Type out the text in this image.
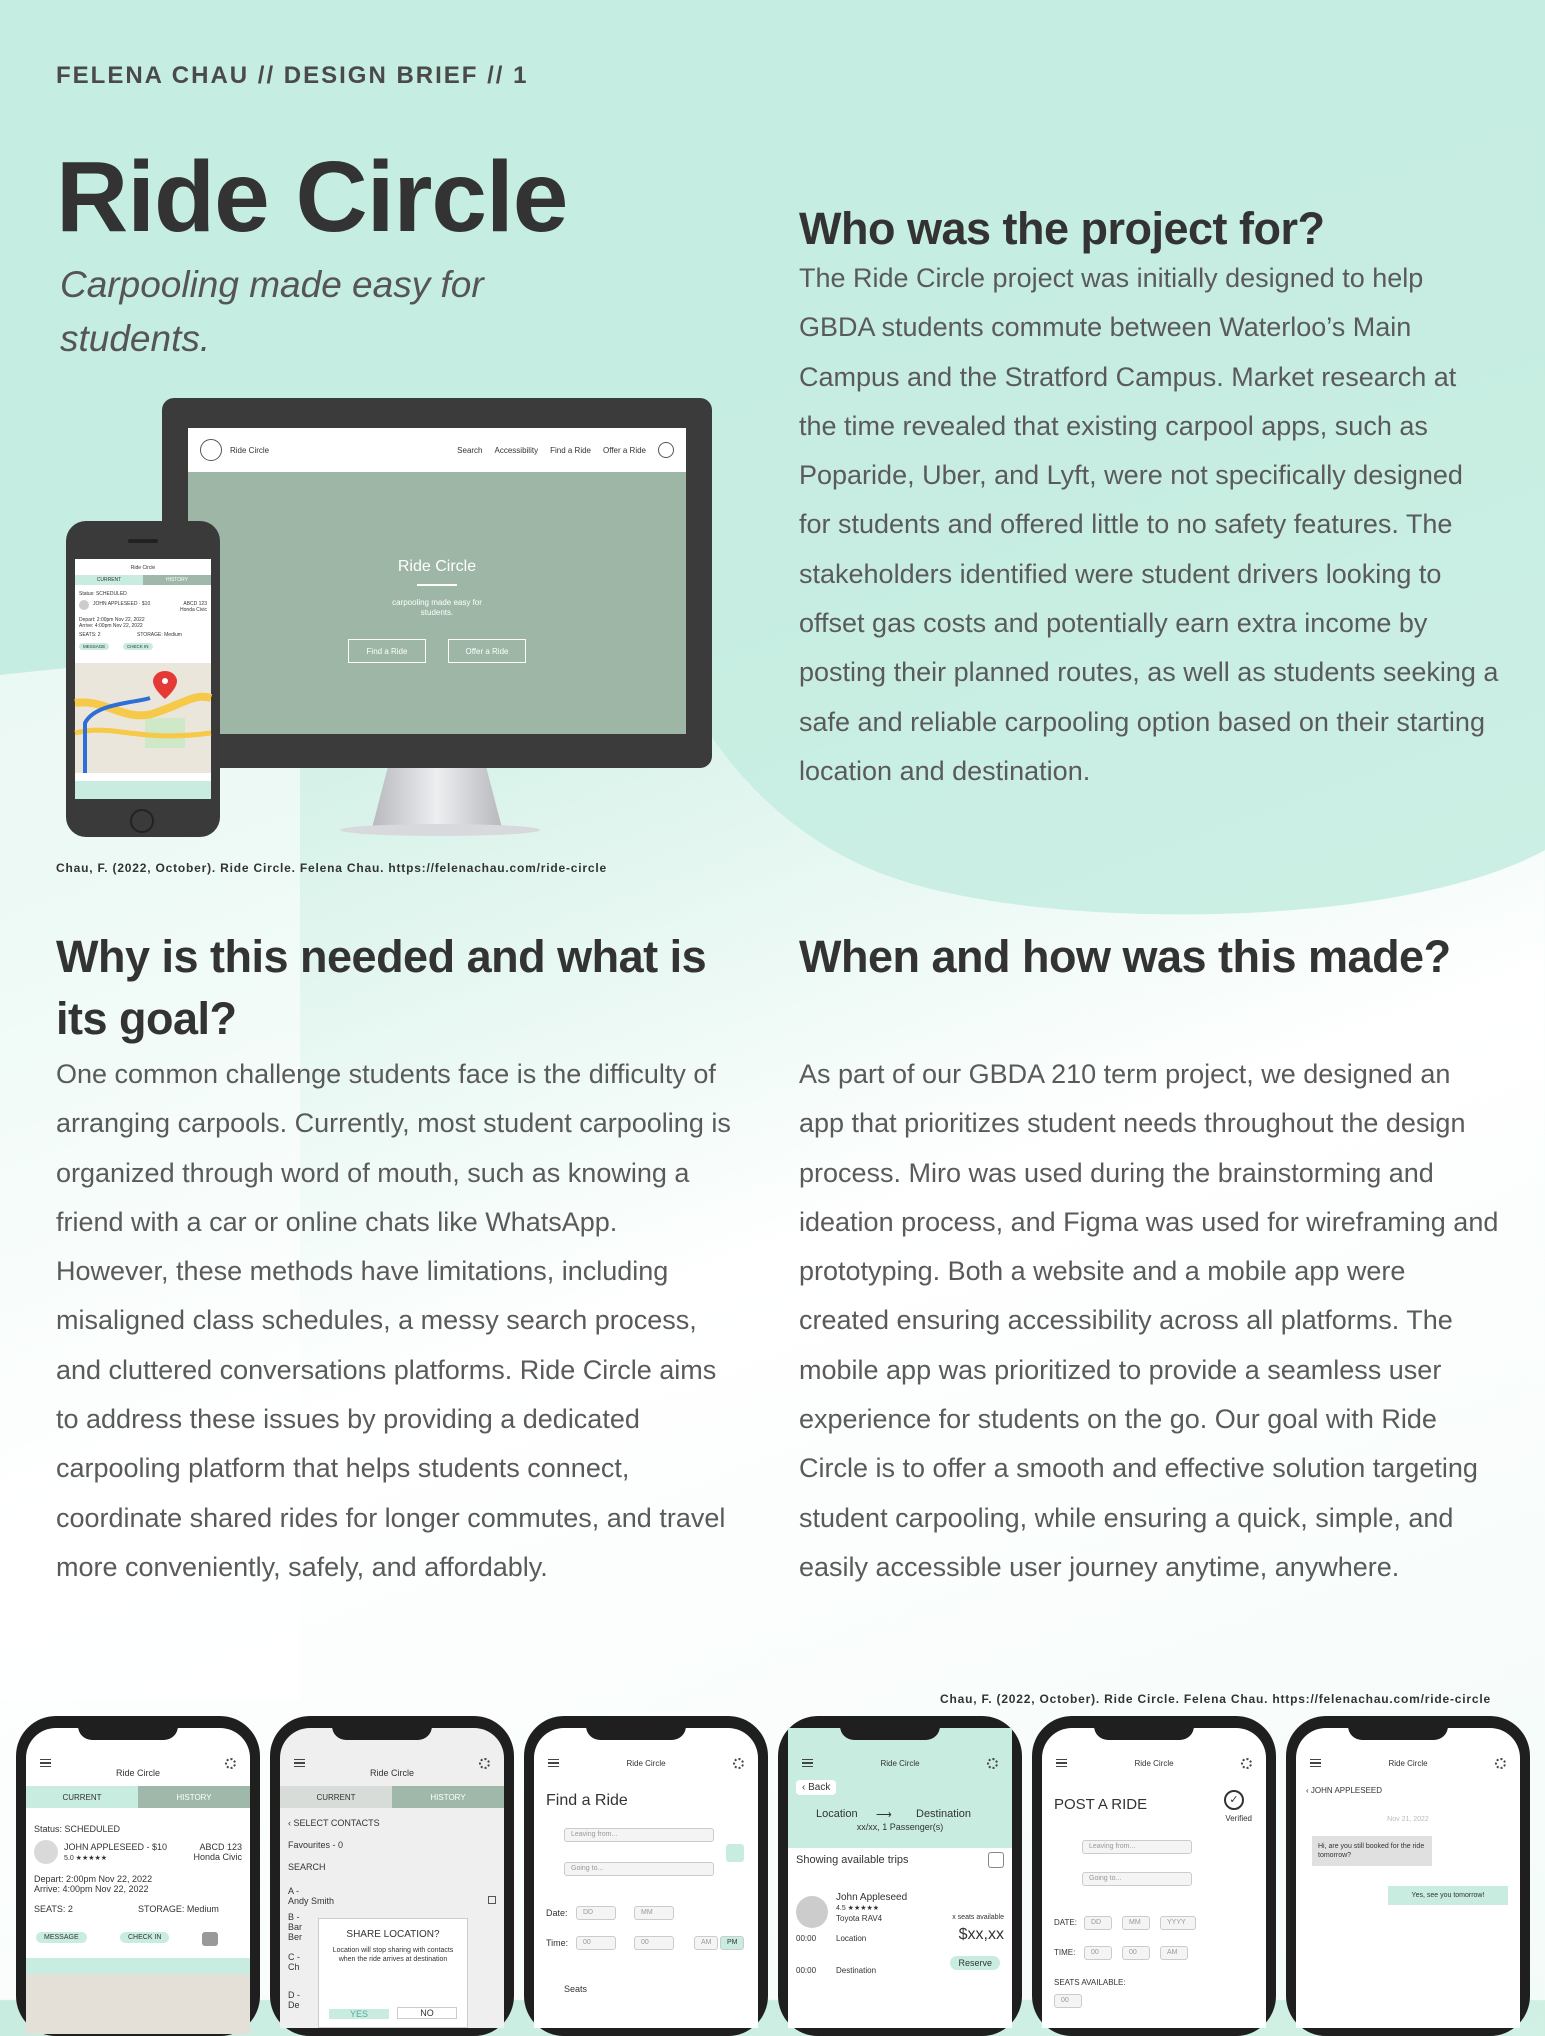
FELENA CHAU // DESIGN BRIEF // 1
Ride Circle
Carpooling made easy for students.
Ride Circle	Search Accessibility Find a Ride Offer a Ride
Ride Circle
carpooling made easy for students.
Find a Ride	Offer a Ride
Ride Circle
CURRENT	HISTORY
Status: SCHEDULED
JOHN APPLESEED · $10	ABCD 123
Honda Civic
Depart: 2:00pm Nov 22, 2022
Arrive: 4:00pm Nov 22, 2022
SEATS: 2	STORAGE: Medium
MESSAGE	CHECK IN
Chau, F. (2022, October). Ride Circle. Felena Chau. https://felenachau.com/ride-circle
Who was the project for?
The Ride Circle project was initially designed to help GBDA students commute between Waterloo’s Main Campus and the Stratford Campus. Market research at the time revealed that existing carpool apps, such as Poparide, Uber, and Lyft, were not specifically designed for students and offered little to no safety features. The stakeholders identified were student drivers looking to offset gas costs and potentially earn extra income by posting their planned routes, as well as students seeking a safe and reliable carpooling option based on their starting location and destination.
Why is this needed and what is its goal?
One common challenge students face is the difficulty of arranging carpools. Currently, most student carpooling is organized through word of mouth, such as knowing a friend with a car or online chats like WhatsApp. However, these methods have limitations, including misaligned class schedules, a messy search process, and cluttered conversations platforms. Ride Circle aims to address these issues by providing a dedicated carpooling platform that helps students connect, coordinate shared rides for longer commutes, and travel more conveniently, safely, and affordably.
When and how was this made?
As part of our GBDA 210 term project, we designed an app that prioritizes student needs throughout the design process. Miro was used during the brainstorming and ideation process, and Figma was used for wireframing and prototyping. Both a website and a mobile app were created ensuring accessibility across all platforms. The mobile app was prioritized to provide a seamless user experience for students on the go. Our goal with Ride Circle is to offer a smooth and effective solution targeting student carpooling, while ensuring a quick, simple, and easily accessible user journey anytime, anywhere.
Chau, F. (2022, October). Ride Circle. Felena Chau. https://felenachau.com/ride-circle
Ride Circle
CURRENT	HISTORY
Status: SCHEDULED
JOHN APPLESEED - $10
5.0 ★★★★★
ABCD 123
Honda Civic
Depart: 2:00pm Nov 22, 2022
Arrive: 4:00pm Nov 22, 2022
SEATS: 2	STORAGE: Medium
MESSAGE	CHECK IN
Ride Circle
CURRENT	HISTORY
‹ SELECT CONTACTS
Favourites - 0
SEARCH
A -
Andy Smith
B -
Bar
Ber
C -
Ch
D -
De
SHARE LOCATION?
Location will stop sharing with contacts when the ride arrives at destination
YES	NO
Ride Circle
Find a Ride
Leaving from...
Going to...
Date:	DD	MM
Time:	00	00	AM	PM
Seats
Ride Circle
‹ Back
Location ⟶ Destination
xx/xx, 1 Passenger(s)
Showing available trips
John Appleseed
4.5 ★★★★★
Toyota RAV4	x seats available
$xx,xx
00:00 Location
00:00 Destination
Reserve
Ride Circle
POST A RIDE	✓
Verified
Leaving from...
Going to...
DATE:	DD	MM	YYYY
TIME:	00	00	AM
SEATS AVAILABLE:
00
Ride Circle
‹ JOHN APPLESEED
Nov 21, 2022
Hi, are you still booked for the ride tomorrow?
Yes, see you tomorrow!
